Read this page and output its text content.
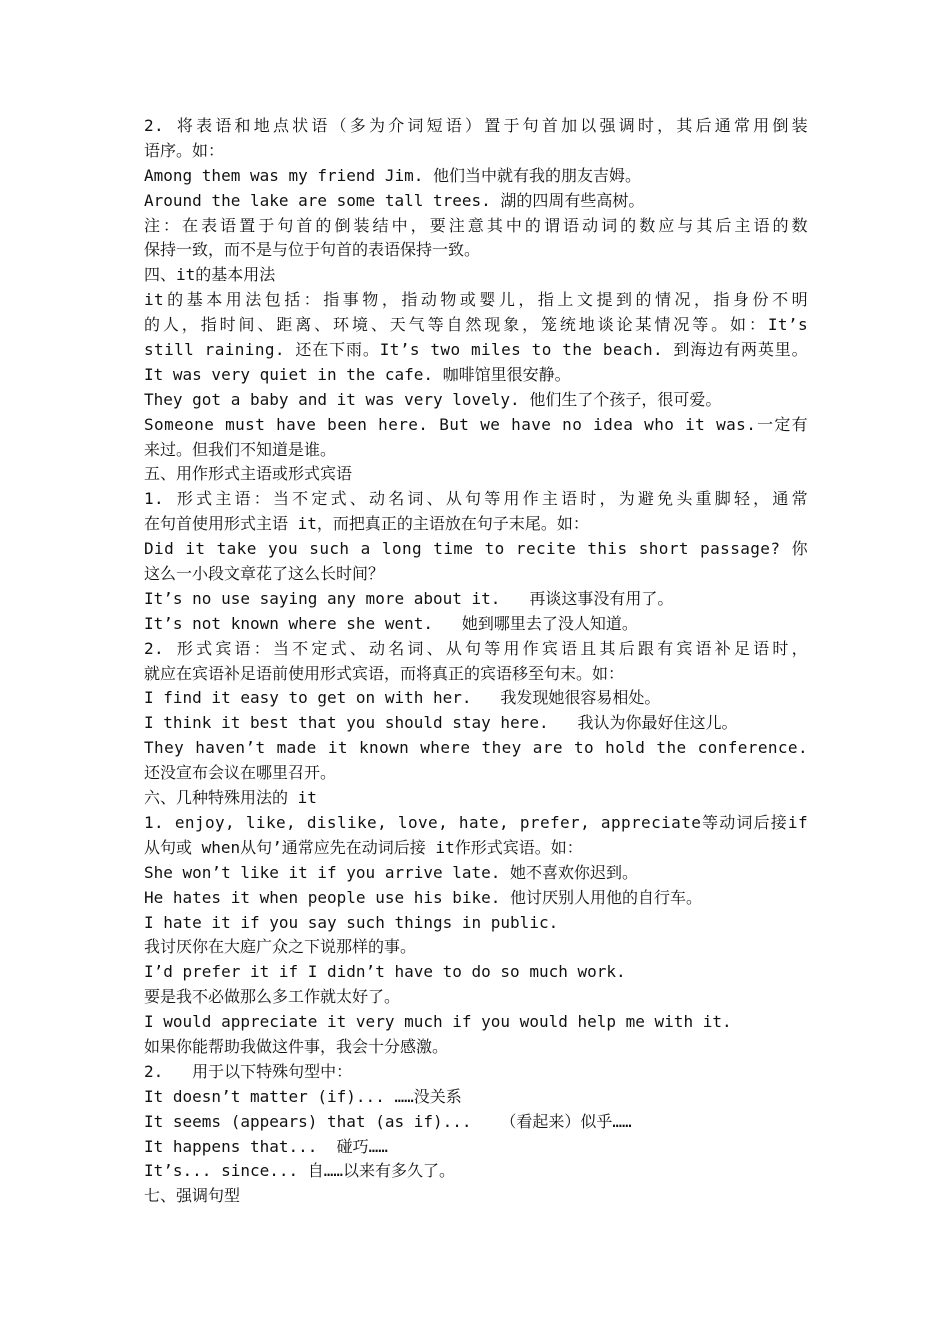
2. 将表语和地点状语（多为介词短语）置于句首加以强调时，其后通常用倒装
语序。如：
Among them was my friend Jim. 他们当中就有我的朋友吉姆。
Around the lake are some tall trees. 湖的四周有些高树。
注：在表语置于句首的倒装结中，要注意其中的谓语动词的数应与其后主语的数
保持一致，而不是与位于句首的表语保持一致。
四、it的基本用法
it的基本用法包括：指事物，指动物或婴儿，指上文提到的情况，指身份不明
的人，指时间、距离、环境、天气等自然现象，笼统地谈论某情况等。如：It’s
still raining. 还在下雨。It’s two miles to the beach. 到海边有两英里。
It was very quiet in the cafe. 咖啡馆里很安静。
They got a baby and it was very lovely. 他们生了个孩子，很可爱。
Someone must have been here. But we have no idea who it was.一定有
来过。但我们不知道是谁。
五、用作形式主语或形式宾语
1. 形式主语：当不定式、动名词、从句等用作主语时，为避免头重脚轻，通常
在句首使用形式主语 it，而把真正的主语放在句子末尾。如：
Did it take you such a long time to recite this short passage? 你
这么一小段文章花了这么长时间？
It’s no use saying any more about it.   再谈这事没有用了。
It’s not known where she went.   她到哪里去了没人知道。
2. 形式宾语：当不定式、动名词、从句等用作宾语且其后跟有宾语补足语时，
就应在宾语补足语前使用形式宾语，而将真正的宾语移至句末。如：
I find it easy to get on with her.   我发现她很容易相处。
I think it best that you should stay here.   我认为你最好住这儿。
They haven’t made it known where they are to hold the conference.
还没宣布会议在哪里召开。
六、几种特殊用法的 it
1. enjoy, like, dislike, love, hate, prefer, appreciate等动词后接if
从句或 when从句’通常应先在动词后接 it作形式宾语。如：
She won’t like it if you arrive late. 她不喜欢你迟到。
He hates it when people use his bike. 他讨厌别人用他的自行车。
I hate it if you say such things in public.
我讨厌你在大庭广众之下说那样的事。
I’d prefer it if I didn’t have to do so much work.
要是我不必做那么多工作就太好了。
I would appreciate it very much if you would help me with it.
如果你能帮助我做这件事，我会十分感激。
2.   用于以下特殊句型中：
It doesn’t matter (if)... ……没关系
It seems (appears) that (as if)...   （看起来）似乎……
It happens that...  碰巧……
It’s... since... 自……以来有多久了。
七、强调句型
